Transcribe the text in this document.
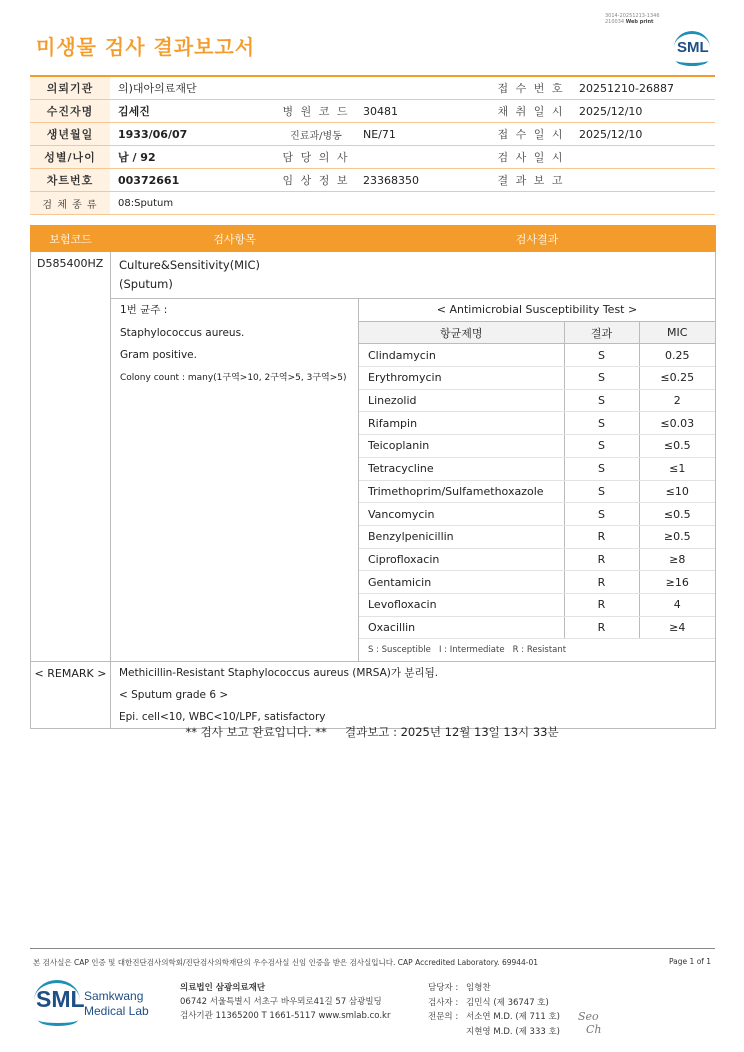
미생물 검사 결과보고서
3014-20251213-1346
210034 Web print
SML
의뢰기관	의)대아의료재단			접 수 번 호	20251210-26887
수진자명	김세진	병 원 코 드	30481	채 취 일 시	2025/12/10
생년월일	1933/06/07	진료과/병동	NE/71	접 수 일 시	2025/12/10
성별/나이	남 / 92	담 당 의 사		검 사 일 시	
차트번호	00372661	임 상 정 보	23368350	결 과 보 고	
검 체 종 류	08:Sputum				
보험코드	검사항목	검사결과
D585400HZ	Culture&Sensitivity(MIC)
(Sputum)

1번 균주 :
Staphylococcus aureus.
Gram positive.
Colony count : many(1구역>10, 2구역>5, 3구역>5)

< Antimicrobial Susceptibility Test >
항균제명	결과	MIC
Clindamycin	S	0.25
Erythromycin	S	≤0.25
Linezolid	S	2
Rifampin	S	≤0.03
Teicoplanin	S	≤0.5
Tetracycline	S	≤1
Trimethoprim/Sulfamethoxazole	S	≤10
Vancomycin	S	≤0.5
Benzylpenicillin	R	≥0.5
Ciprofloxacin	R	≥8
Gentamicin	R	≥16
Levofloxacin	R	4
Oxacillin	R	≥4
S : Susceptible   I : Intermediate   R : Resistant

< REMARK >	Methicillin-Resistant Staphylococcus aureus (MRSA)가 분리됨.
< Sputum grade 6 >
Epi. cell<10, WBC<10/LPF, satisfactory
** 검사 보고 완료입니다. **     결과보고 : 2025년 12월 13일 13시 33분
본 검사실은 CAP 인증 및 대한진단검사의학회/진단검사의학재단의 우수검사실 신임 인증을 받은 검사실입니다. CAP Accredited Laboratory. 69944-01	Page 1 of 1
SML Samkwang
Medical Lab
의료법인 삼광의료재단
06742 서울특별시 서초구 바우뫼로41길 57 삼광빌딩
검사기관 11365200 T 1661-5117 www.smlab.co.kr
담당자 : 임형찬
검사자 : 김민식 (제 36747 호)
전문의 : 서소연 M.D. (제 711 호)
지현영 M.D. (제 333 호)
Seo
Ch
